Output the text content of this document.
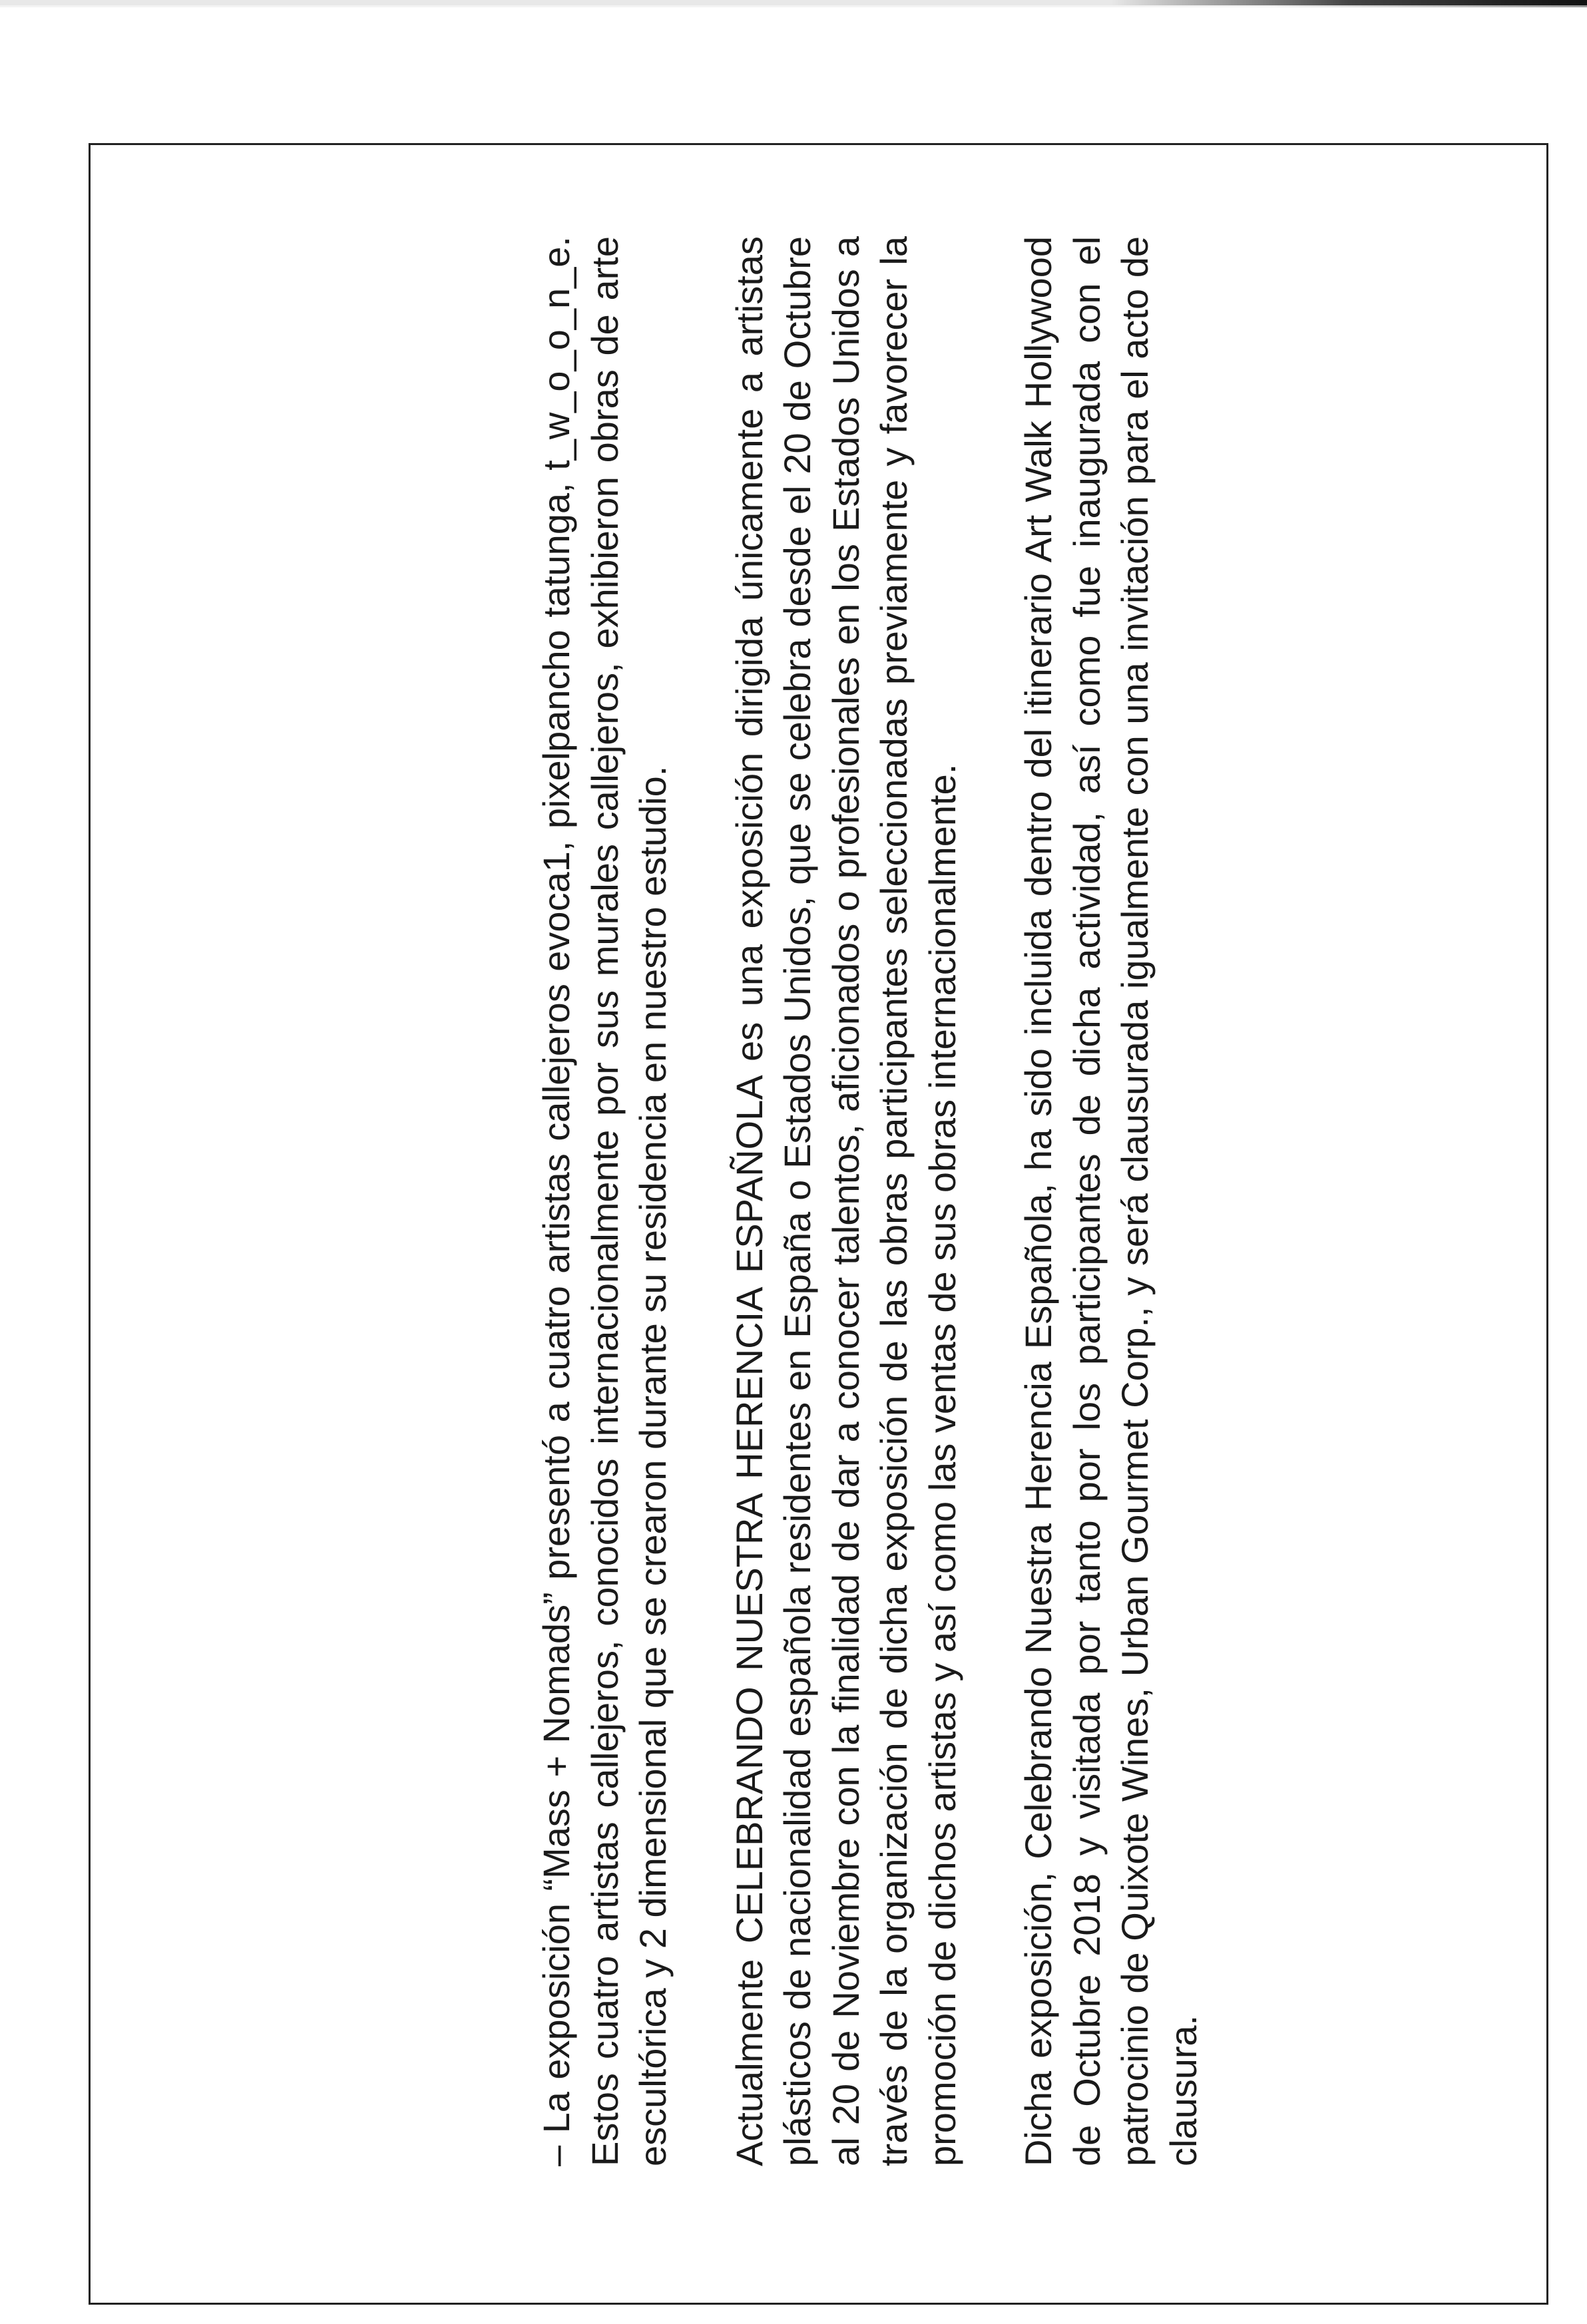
– La exposición “Mass + Nomads” presentó a cuatro artistas callejeros evoca1, pixelpancho tatunga, t_w_o_o_n_e. Estos cuatro artistas callejeros, conocidos internacionalmente por sus murales callejeros, exhibieron obras de arte escultórica y 2 dimensional que se crearon durante su residencia en nuestro estudio. Actualmente CELEBRANDO NUESTRA HERENCIA ESPAÑOLA es una exposición dirigida únicamente a artistas plásticos de nacionalidad española residentes en España o Estados Unidos, que se celebra desde el 20 de Octubre al 20 de Noviembre con la finalidad de dar a conocer talentos, aficionados o profesionales en los Estados Unidos a través de la organización de dicha exposición de las obras participantes seleccionadas previamente y favorecer la promoción de dichos artistas y así como las ventas de sus obras internacionalmente. Dicha exposición, Celebrando Nuestra Herencia Española, ha sido incluida dentro del itinerario Art Walk Hollywood de Octubre 2018 y visitada por tanto por los participantes de dicha actividad, así como fue inaugurada con el patrocinio de Quixote Wines, Urban Gourmet Corp., y será clausurada igualmente con una invitación para el acto de clausura.
